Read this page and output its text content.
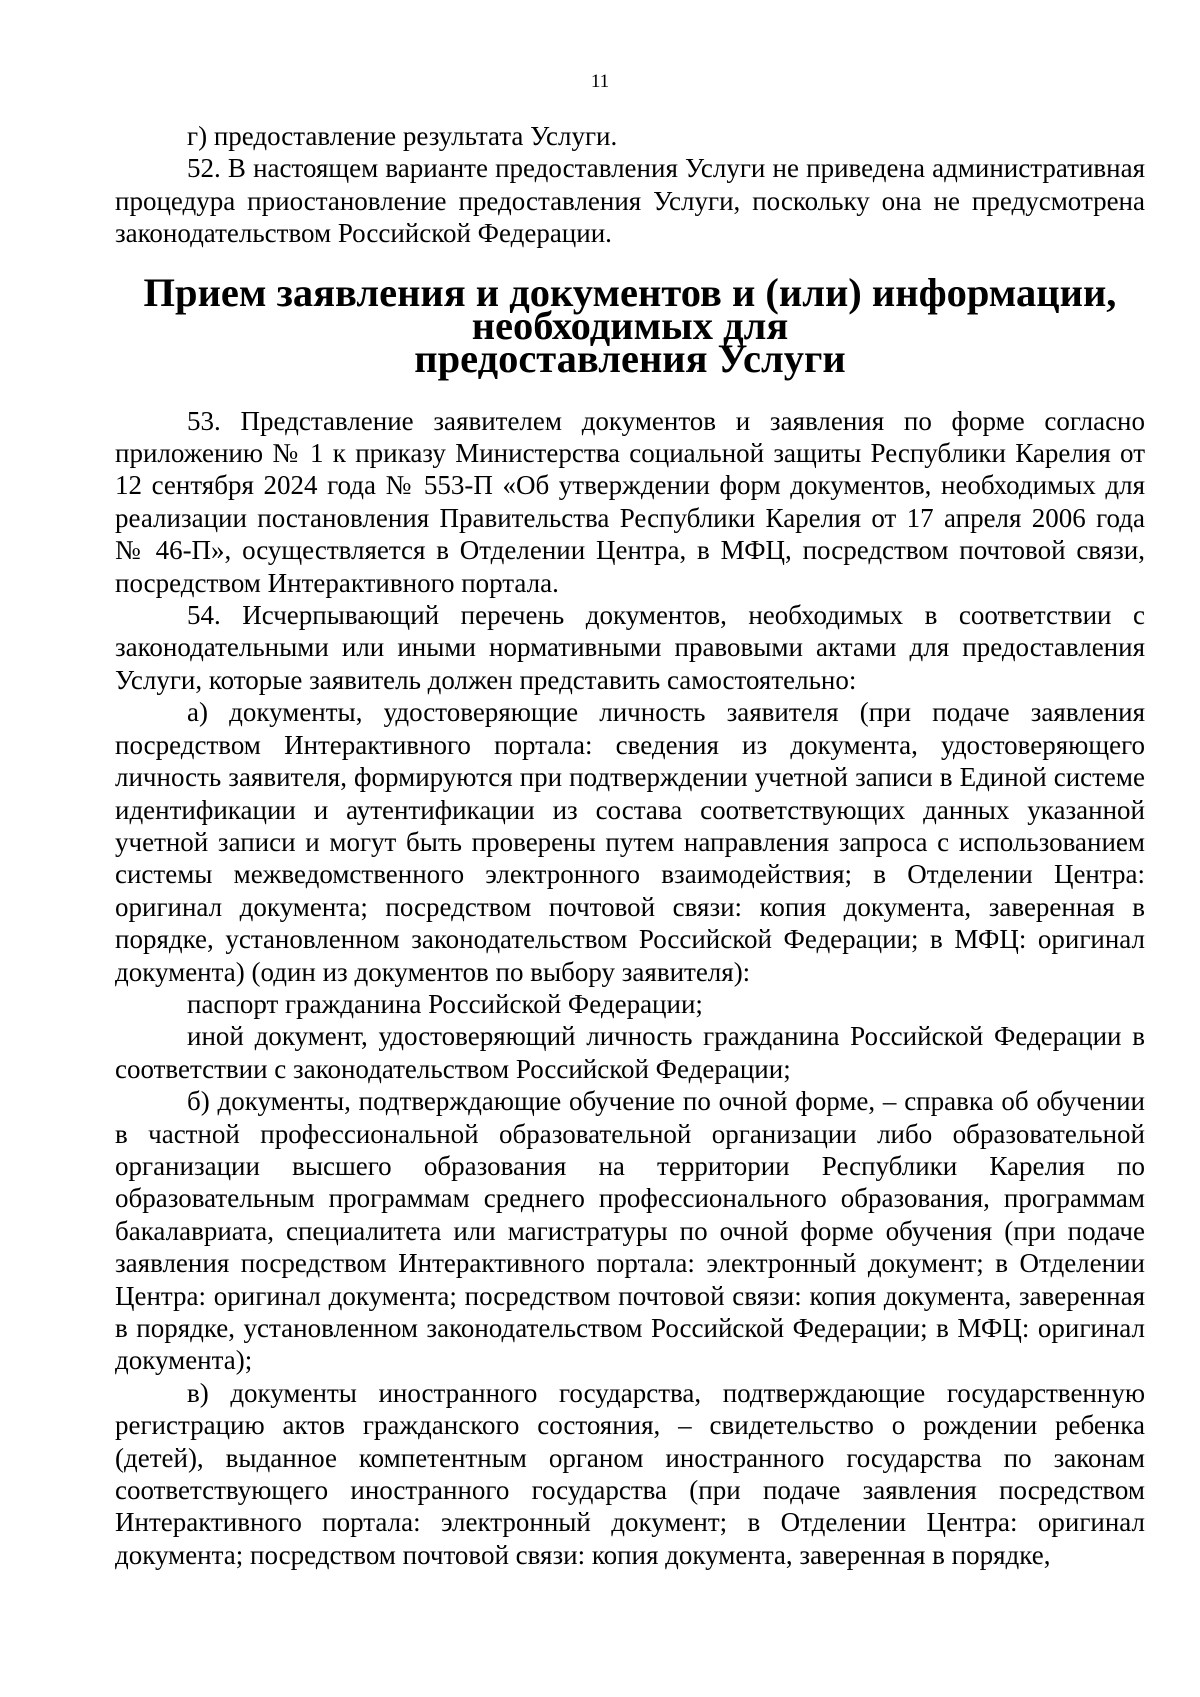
11

г) предоставление результата Услуги.

52. В настоящем варианте предоставления Услуги не приведена административная процедура приостановление предоставления Услуги, поскольку она не предусмотрена законодательством Российской Федерации.

Прием заявления и документов и (или) информации, необходимых для
предоставления Услуги

53. Представление заявителем документов и заявления по форме согласно приложению № 1 к приказу Министерства социальной защиты Республики Карелия от 12 сентября 2024 года № 553-П «Об утверждении форм документов, необходимых для реализации постановления Правительства Республики Карелия от 17 апреля 2006 года № 46-П», осуществляется в Отделении Центра, в МФЦ, посредством почтовой связи, посредством Интерактивного портала.

54. Исчерпывающий перечень документов, необходимых в соответствии с законодательными или иными нормативными правовыми актами для предоставления Услуги, которые заявитель должен представить самостоятельно:

а) документы, удостоверяющие личность заявителя (при подаче заявления посредством Интерактивного портала: сведения из документа, удостоверяющего личность заявителя, формируются при подтверждении учетной записи в Единой системе идентификации и аутентификации из состава соответствующих данных указанной учетной записи и могут быть проверены путем направления запроса с использованием системы межведомственного электронного взаимодействия; в Отделении Центра: оригинал документа; посредством почтовой связи: копия документа, заверенная в порядке, установленном законодательством Российской Федерации; в МФЦ: оригинал документа) (один из документов по выбору заявителя):

паспорт гражданина Российской Федерации;

иной документ, удостоверяющий личность гражданина Российской Федерации в соответствии с законодательством Российской Федерации;

б) документы, подтверждающие обучение по очной форме, – справка об обучении в частной профессиональной образовательной организации либо образовательной организации высшего образования на территории Республики Карелия по образовательным программам среднего профессионального образования, программам бакалавриата, специалитета или магистратуры по очной форме обучения (при подаче заявления посредством Интерактивного портала: электронный документ; в Отделении Центра: оригинал документа; посредством почтовой связи: копия документа, заверенная в порядке, установленном законодательством Российской Федерации; в МФЦ: оригинал документа);

в) документы иностранного государства, подтверждающие государственную регистрацию актов гражданского состояния, – свидетельство о рождении ребенка (детей), выданное компетентным органом иностранного государства по законам соответствующего иностранного государства (при подаче заявления посредством Интерактивного портала: электронный документ; в Отделении Центра: оригинал документа; посредством почтовой связи: копия документа, заверенная в порядке,
